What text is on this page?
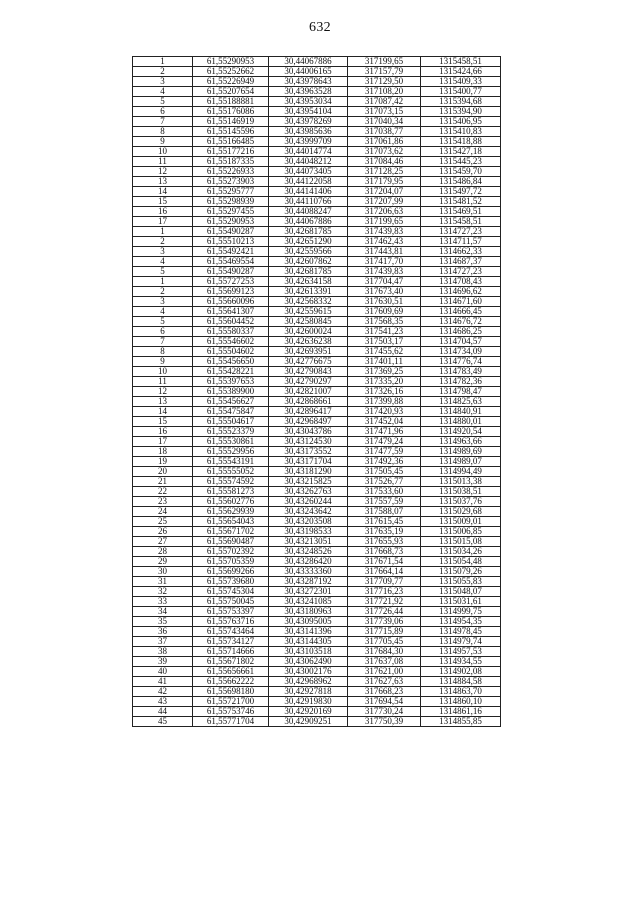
632
1	61,55290953	30,44067886	317199,65	1315458,51
2	61,55252662	30,44006165	317157,79	1315424,66
3	61,55226949	30,43978643	317129,50	1315409,33
4	61,55207654	30,43963528	317108,20	1315400,77
5	61,55188881	30,43953034	317087,42	1315394,68
6	61,55176086	30,43954104	317073,15	1315394,90
7	61,55146919	30,43978269	317040,34	1315406,95
8	61,55145596	30,43985636	317038,77	1315410,83
9	61,55166485	30,43999709	317061,86	1315418,88
10	61,55177216	30,44014774	317073,62	1315427,18
11	61,55187335	30,44048212	317084,46	1315445,23
12	61,55226933	30,44073405	317128,25	1315459,70
13	61,55273903	30,44122058	317179,95	1315486,84
14	61,55295777	30,44141406	317204,07	1315497,72
15	61,55298939	30,44110766	317207,99	1315481,52
16	61,55297455	30,44088247	317206,63	1315469,51
17	61,55290953	30,44067886	317199,65	1315458,51
1	61,55490287	30,42681785	317439,83	1314727,23
2	61,55510213	30,42651290	317462,43	1314711,57
3	61,55492421	30,42559566	317443,81	1314662,33
4	61,55469554	30,42607862	317417,70	1314687,37
5	61,55490287	30,42681785	317439,83	1314727,23
1	61,55727253	30,42634158	317704,47	1314708,43
2	61,55699123	30,42613391	317673,40	1314696,62
3	61,55660096	30,42568332	317630,51	1314671,60
4	61,55641307	30,42559615	317609,69	1314666,45
5	61,55604452	30,42580845	317568,35	1314676,72
6	61,55580337	30,42600024	317541,23	1314686,25
7	61,55546602	30,42636238	317503,17	1314704,57
8	61,55504602	30,42693951	317455,62	1314734,09
9	61,55456650	30,42776675	317401,11	1314776,74
10	61,55428221	30,42790843	317369,25	1314783,49
11	61,55397653	30,42790297	317335,20	1314782,36
12	61,55389900	30,42821007	317326,16	1314798,47
13	61,55456627	30,42868661	317399,88	1314825,63
14	61,55475847	30,42896417	317420,93	1314840,91
15	61,55504617	30,42968497	317452,04	1314880,01
16	61,55523379	30,43043786	317471,96	1314920,54
17	61,55530861	30,43124530	317479,24	1314963,66
18	61,55529956	30,43173552	317477,59	1314989,69
19	61,55543191	30,43171704	317492,36	1314989,07
20	61,55555052	30,43181290	317505,45	1314994,49
21	61,55574592	30,43215825	317526,77	1315013,38
22	61,55581273	30,43262763	317533,60	1315038,51
23	61,55602776	30,43260244	317557,59	1315037,76
24	61,55629939	30,43243642	317588,07	1315029,68
25	61,55654043	30,43203508	317615,45	1315009,01
26	61,55671702	30,43198533	317635,19	1315006,85
27	61,55690487	30,43213051	317655,93	1315015,08
28	61,55702392	30,43248526	317668,73	1315034,26
29	61,55705359	30,43286420	317671,54	1315054,48
30	61,55699266	30,43333360	317664,14	1315079,26
31	61,55739680	30,43287192	317709,77	1315055,83
32	61,55745304	30,43272301	317716,23	1315048,07
33	61,55750045	30,43241085	317721,92	1315031,61
34	61,55753397	30,43180963	317726,44	1314999,75
35	61,55763716	30,43095005	317739,06	1314954,35
36	61,55743464	30,43141396	317715,89	1314978,45
37	61,55734127	30,43144305	317705,45	1314979,74
38	61,55714666	30,43103518	317684,30	1314957,53
39	61,55671802	30,43062490	317637,08	1314934,55
40	61,55656661	30,43002176	317621,00	1314902,08
41	61,55662222	30,42968962	317627,63	1314884,58
42	61,55698180	30,42927818	317668,23	1314863,70
43	61,55721700	30,42919830	317694,54	1314860,10
44	61,55753746	30,42920169	317730,24	1314861,16
45	61,55771704	30,42909251	317750,39	1314855,85
